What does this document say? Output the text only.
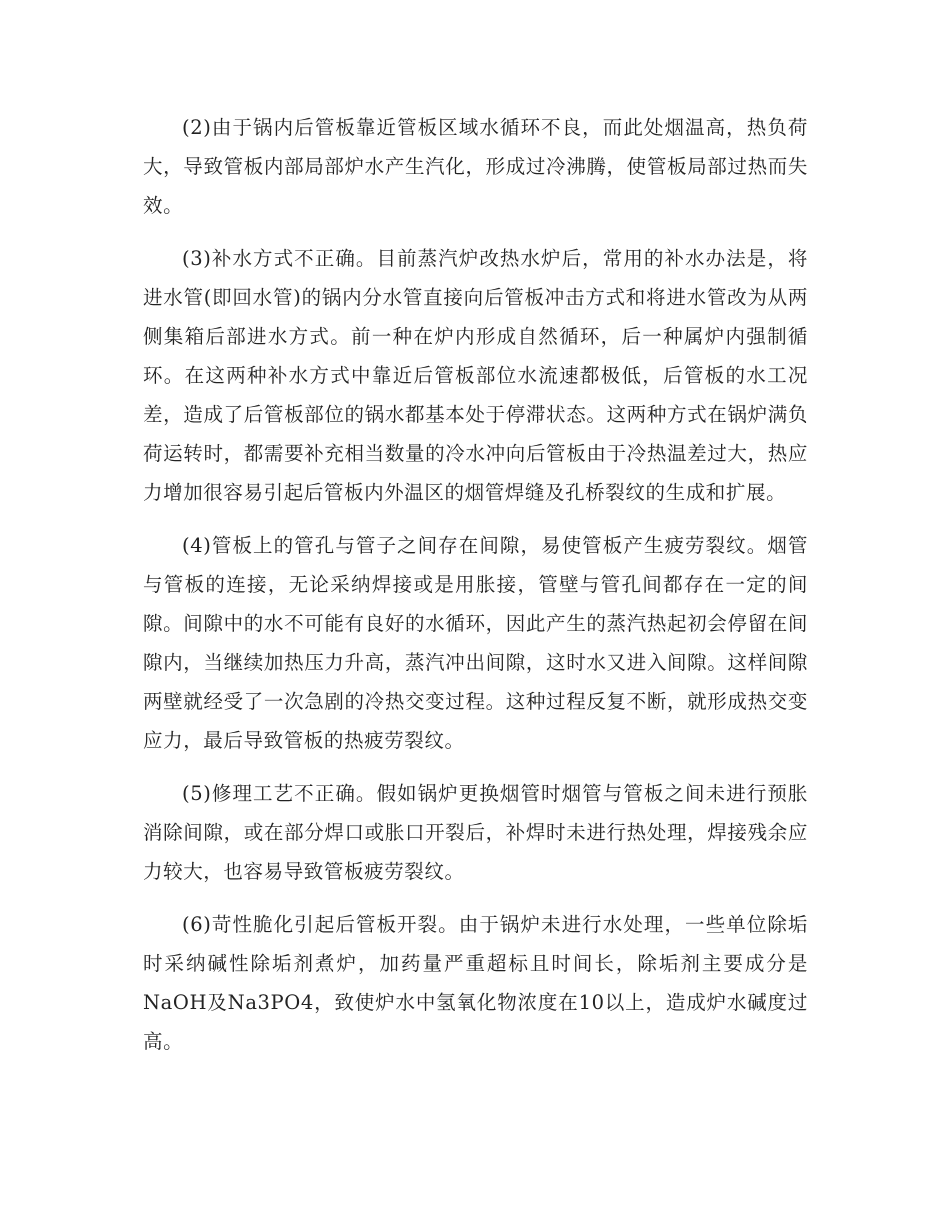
(2)由于锅内后管板靠近管板区域水循环不良，而此处烟温高，热负荷大，导致管板内部局部炉水产生汽化，形成过冷沸腾，使管板局部过热而失效。

(3)补水方式不正确。目前蒸汽炉改热水炉后，常用的补水办法是，将进水管(即回水管)的锅内分水管直接向后管板冲击方式和将进水管改为从两侧集箱后部进水方式。前一种在炉内形成自然循环，后一种属炉内强制循环。在这两种补水方式中靠近后管板部位水流速都极低，后管板的水工况差，造成了后管板部位的锅水都基本处于停滞状态。这两种方式在锅炉满负荷运转时，都需要补充相当数量的冷水冲向后管板由于冷热温差过大，热应力增加很容易引起后管板内外温区的烟管焊缝及孔桥裂纹的生成和扩展。

(4)管板上的管孔与管子之间存在间隙，易使管板产生疲劳裂纹。烟管与管板的连接，无论采纳焊接或是用胀接，管壁与管孔间都存在一定的间隙。间隙中的水不可能有良好的水循环，因此产生的蒸汽热起初会停留在间隙内，当继续加热压力升高，蒸汽冲出间隙，这时水又进入间隙。这样间隙两壁就经受了一次急剧的冷热交变过程。这种过程反复不断，就形成热交变应力，最后导致管板的热疲劳裂纹。

(5)修理工艺不正确。假如锅炉更换烟管时烟管与管板之间未进行预胀消除间隙，或在部分焊口或胀口开裂后，补焊时未进行热处理，焊接残余应力较大，也容易导致管板疲劳裂纹。

(6)苛性脆化引起后管板开裂。由于锅炉未进行水处理，一些单位除垢时采纳碱性除垢剂煮炉，加药量严重超标且时间长，除垢剂主要成分是NaOH及Na3PO4，致使炉水中氢氧化物浓度在10以上，造成炉水碱度过高。
